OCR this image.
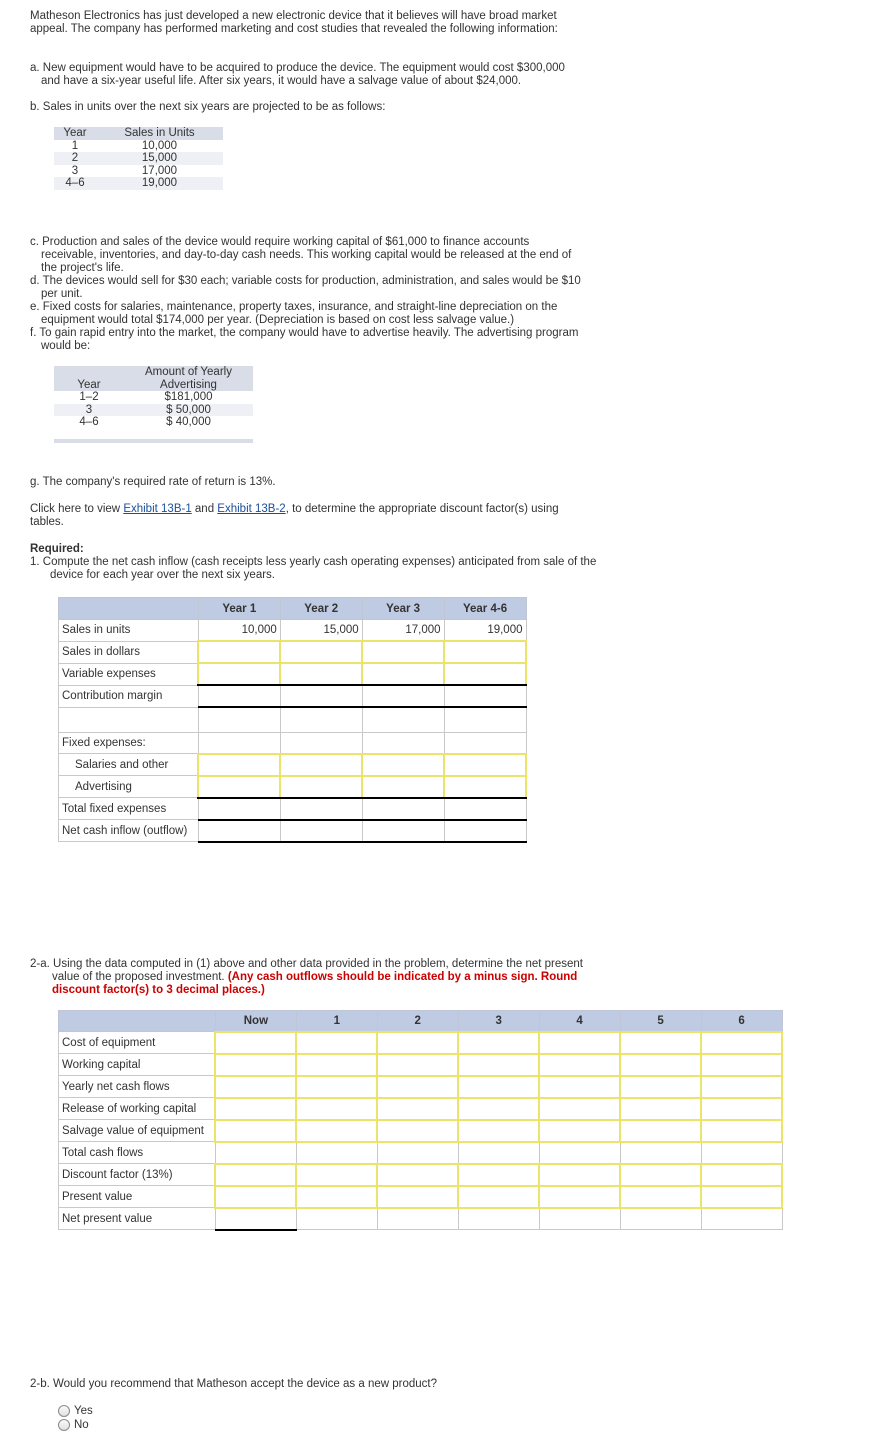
Matheson Electronics has just developed a new electronic device that it believes will have broad market appeal. The company has performed marketing and cost studies that revealed the following information:
a. New equipment would have to be acquired to produce the device. The equipment would cost $300,000 and have a six-year useful life. After six years, it would have a salvage value of about $24,000.
b. Sales in units over the next six years are projected to be as follows:
Year	Sales in Units
1	10,000
2	15,000
3	17,000
4–6	19,000
c. Production and sales of the device would require working capital of $61,000 to finance accounts receivable, inventories, and day-to-day cash needs. This working capital would be released at the end of the project's life.
d. The devices would sell for $30 each; variable costs for production, administration, and sales would be $10 per unit.
e. Fixed costs for salaries, maintenance, property taxes, insurance, and straight-line depreciation on the equipment would total $174,000 per year. (Depreciation is based on cost less salvage value.)
f. To gain rapid entry into the market, the company would have to advertise heavily. The advertising program would be:
Year	Amount of Yearly Advertising
1–2	$181,000
3	$ 50,000
4–6	$ 40,000

g. The company's required rate of return is 13%.
Click here to view Exhibit 13B-1 and Exhibit 13B-2, to determine the appropriate discount factor(s) using tables.
Required:
1. Compute the net cash inflow (cash receipts less yearly cash operating expenses) anticipated from sale of the device for each year over the next six years.
	Year 1	Year 2	Year 3	Year 4-6
Sales in units	10,000	15,000	17,000	19,000
Sales in dollars				
Variable expenses				
Contribution margin				

Fixed expenses:				
Salaries and other				
Advertising				
Total fixed expenses				
Net cash inflow (outflow)				
2-a. Using the data computed in (1) above and other data provided in the problem, determine the net present value of the proposed investment. (Any cash outflows should be indicated by a minus sign. Round discount factor(s) to 3 decimal places.)
	Now	1	2	3	4	5	6
Cost of equipment							
Working capital							
Yearly net cash flows							
Release of working capital							
Salvage value of equipment							
Total cash flows							
Discount factor (13%)							
Present value							
Net present value							
2-b. Would you recommend that Matheson accept the device as a new product?
Yes
No
